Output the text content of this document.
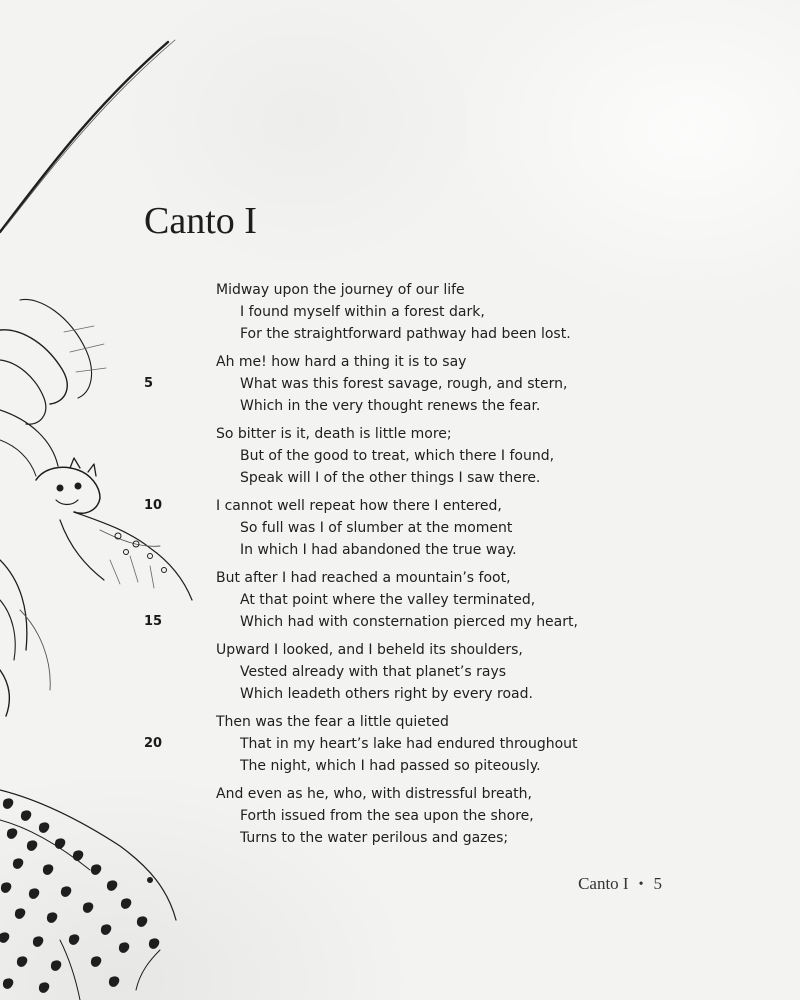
Canto I
Midway upon the journey of our life
I found myself within a forest dark,
For the straightforward pathway had been lost.
Ah me! how hard a thing it is to say
5	What was this forest savage, rough, and stern,
Which in the very thought renews the fear.
So bitter is it, death is little more;
But of the good to treat, which there I found,
Speak will I of the other things I saw there.
10	I cannot well repeat how there I entered,
So full was I of slumber at the moment
In which I had abandoned the true way.
But after I had reached a mountain’s foot,
At that point where the valley terminated,
15	Which had with consternation pierced my heart,
Upward I looked, and I beheld its shoulders,
Vested already with that planet’s rays
Which leadeth others right by every road.
Then was the fear a little quieted
20	That in my heart’s lake had endured throughout
The night, which I had passed so piteously.
And even as he, who, with distressful breath,
Forth issued from the sea upon the shore,
Turns to the water perilous and gazes;
Canto I • 5
